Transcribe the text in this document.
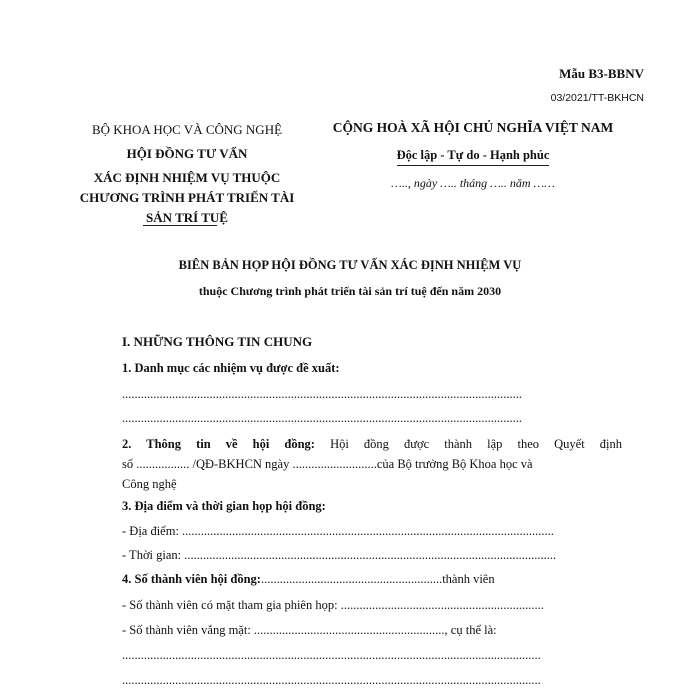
Mẫu B3-BBNV
03/2021/TT-BKHCN
BỘ KHOA HỌC VÀ CÔNG NGHỆ
HỘI ĐỒNG TƯ VẤN
XÁC ĐỊNH NHIỆM VỤ THUỘC
CHƯƠNG TRÌNH PHÁT TRIỂN TÀI
SẢN TRÍ TUỆ
CỘNG HOÀ XÃ HỘI CHỦ NGHĨA VIỆT NAM
Độc lập - Tự do - Hạnh phúc
….., ngày ….. tháng ….. năm ……
BIÊN BẢN HỌP HỘI ĐỒNG TƯ VẤN XÁC ĐỊNH NHIỆM VỤ
thuộc Chương trình phát triển tài sản trí tuệ đến năm 2030
I. NHỮNG THÔNG TIN CHUNG
1. Danh mục các nhiệm vụ được đề xuất:
................................................................................................................................
................................................................................................................................
2. Thông tin về hội đồng: Hội đồng được thành lập theo Quyết định
số ................. /QĐ-BKHCN ngày ...........................của Bộ trưởng Bộ Khoa học và
Công nghệ
3. Địa điểm và thời gian họp hội đồng:
- Địa điểm: .......................................................................................................................
- Thời gian: .......................................................................................................................
4. Số thành viên hội đồng:..........................................................thành viên
- Số thành viên có mặt tham gia phiên họp: .................................................................
- Số thành viên vắng mặt: ............................................................., cụ thể là:
......................................................................................................................................
......................................................................................................................................
